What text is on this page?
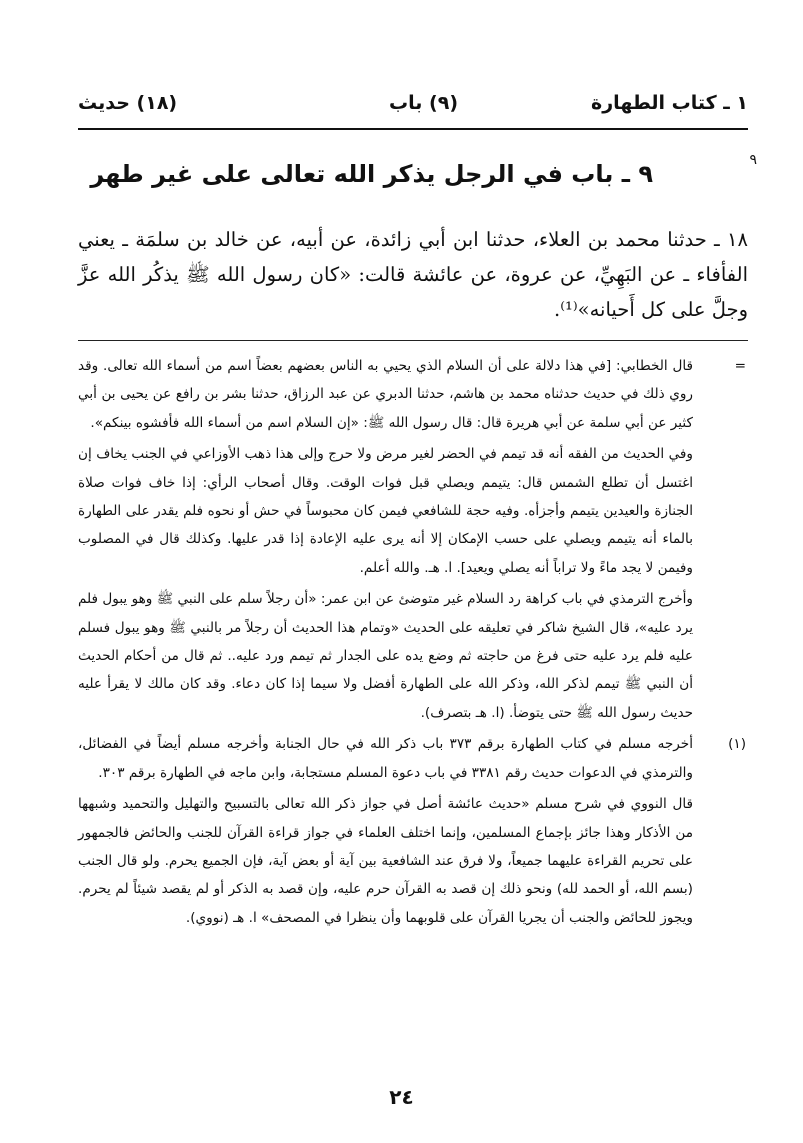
١ ـ كتاب الطهارة
(٩) باب
(١٨) حديث
٩
٩ ـ باب في الرجل يذكر الله تعالى على غير طهر
١٨ ـ حدثنا محمد بن العلاء، حدثنا ابن أبي زائدة، عن أبيه، عن خالد بن سلمَة ـ يعني الفأفاء ـ عن البَهِيِّ، عن عروة، عن عائشة قالت: «كان رسول الله ﷺ يذكُر الله عزَّ وجلَّ على كل أَحيانه»⁽¹⁾.
=

قال الخطابي: [في هذا دلالة على أن السلام الذي يحيي به الناس بعضهم بعضاً اسم من أسماء الله تعالى. وقد روي ذلك في حديث حدثناه محمد بن هاشم، حدثنا الدبري عن عبد الرزاق، حدثنا بشر بن رافع عن يحيى بن أبي كثير عن أبي سلمة عن أبي هريرة قال: قال رسول الله ﷺ: «إن السلام اسم من أسماء الله فأفشوه بينكم».

وفي الحديث من الفقه أنه قد تيمم في الحضر لغير مرض ولا حرج وإلى هذا ذهب الأوزاعي في الجنب يخاف إن اغتسل أن تطلع الشمس قال: يتيمم ويصلي قبل فوات الوقت. وقال أصحاب الرأي: إذا خاف فوات صلاة الجنازة والعيدين يتيمم وأجزأه. وفيه حجة للشافعي فيمن كان محبوساً في حش أو نحوه فلم يقدر على الطهارة بالماء أنه يتيمم ويصلي على حسب الإمكان إلا أنه يرى عليه الإعادة إذا قدر عليها. وكذلك قال في المصلوب وفيمن لا يجد ماءً ولا تراباً أنه يصلي ويعيد]. ا. هـ. والله أعلم.

وأخرج الترمذي في باب كراهة رد السلام غير متوضئ عن ابن عمر: «أن رجلاً سلم على النبي ﷺ وهو يبول فلم يرد عليه»، قال الشيخ شاكر في تعليقه على الحديث «وتمام هذا الحديث أن رجلاً مر بالنبي ﷺ وهو يبول فسلم عليه فلم يرد عليه حتى فرغ من حاجته ثم وضع يده على الجدار ثم تيمم ورد عليه.. ثم قال من أحكام الحديث أن النبي ﷺ تيمم لذكر الله، وذكر الله على الطهارة أفضل ولا سيما إذا كان دعاء. وقد كان مالك لا يقرأ عليه حديث رسول الله ﷺ حتى يتوضأ. (ا. هـ بتصرف).

(١)

أخرجه مسلم في كتاب الطهارة برقم ٣٧٣ باب ذكر الله في حال الجنابة وأخرجه مسلم أيضاً في الفضائل، والترمذي في الدعوات حديث رقم ٣٣٨١ في باب دعوة المسلم مستجابة، وابن ماجه في الطهارة برقم ٣٠٣.

قال النووي في شرح مسلم «حديث عائشة أصل في جواز ذكر الله تعالى بالتسبيح والتهليل والتحميد وشبهها من الأذكار وهذا جائز بإجماع المسلمين، وإنما اختلف العلماء في جواز قراءة القرآن للجنب والحائض فالجمهور على تحريم القراءة عليهما جميعاً، ولا فرق عند الشافعية بين آية أو بعض آية، فإن الجميع يحرم. ولو قال الجنب (بسم الله، أو الحمد لله) ونحو ذلك إن قصد به القرآن حرم عليه، وإن قصد به الذكر أو لم يقصد شيئاً لم يحرم. ويجوز للحائض والجنب أن يجريا القرآن على قلوبهما وأن ينظرا في المصحف» ا. هـ (نووي).

٢٤
